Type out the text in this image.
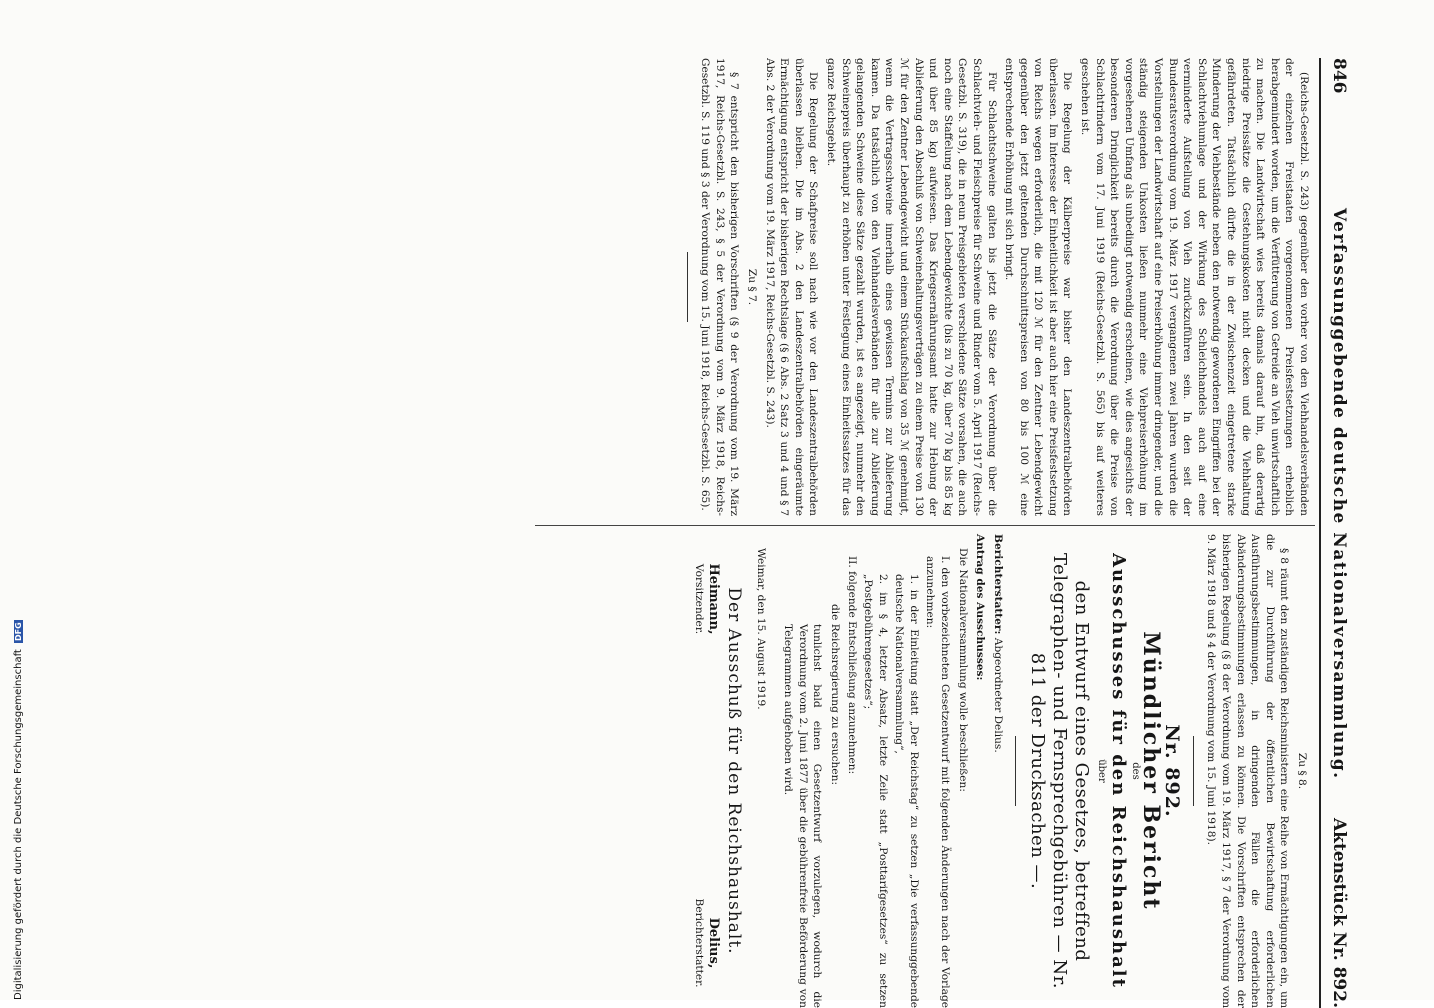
Digitalisierung gefördert durch die Deutsche Forschungsgemeinschaft DFG
846
Verfassunggebende deutsche Nationalversammlung.
Aktenstück Nr. 892.

(Reichs-Gesetzbl. S. 243) gegenüber den vorher von den Viehhandelsverbänden der einzelnen Freistaaten vorgenommenen Preisfestsetzungen erheblich herabgemindert worden, um die Verfütterung von Getreide an Vieh unwirtschaftlich zu machen. Die Landwirtschaft wies bereits damals darauf hin, daß derartig niedrige Preissätze die Gestehungskosten nicht decken und die Viehhaltung gefährdeten. Tatsächlich dürfte die in der Zwischenzeit eingetretene starke Minderung der Viehbestände neben den notwendig gewordenen Eingriffen bei der Schlachtviehumlage und der Wirkung des Schleichhandels auch auf eine verminderte Aufstellung von Vieh zurückzuführen sein. In den seit der Bundesratsverordnung vom 19. März 1917 vergangenen zwei Jahren wurden die Vorstellungen der Landwirtschaft auf eine Preiserhöhung immer dringender, und die ständig steigenden Unkosten ließen nunmehr eine Viehpreiserhöhung im vorgesehenen Umfang als unbedingt notwendig erscheinen, wie dies angesichts der besonderen Dringlichkeit bereits durch die Verordnung über die Preise von Schlachtrindern vom 17. Juni 1919 (Reichs-Gesetzbl. S. 565) bis auf weiteres geschehen ist.

Die Regelung der Kälberpreise war bisher den Landeszentralbehörden überlassen. Im Interesse der Einheitlichkeit ist aber auch hier eine Preisfestsetzung von Reichs wegen erforderlich, die mit 120 ℳ für den Zentner Lebendgewicht gegenüber den jetzt geltenden Durchschnittspreisen von 80 bis 100 ℳ eine entsprechende Erhöhung mit sich bringt.

Für Schlachtschweine galten bis jetzt die Sätze der Verordnung über die Schlachtvieh- und Fleischpreise für Schweine und Rinder vom 5. April 1917 (Reichs-Gesetzbl. S. 319), die in neun Preisgebieten verschiedene Sätze vorsahen, die auch noch eine Staffelung nach dem Lebendgewichte (bis zu 70 kg, über 70 kg bis 85 kg und über 85 kg) aufwiesen. Das Kriegsernährungsamt hatte zur Hebung der Ablieferung den Abschluß von Schweinehaltungsverträgen zu einem Preise von 130 ℳ für den Zentner Lebendgewicht und einem Stückaufschlag von 35 ℳ genehmigt, wenn die Vertragsschweine innerhalb eines gewissen Termins zur Ablieferung kamen. Da tatsächlich von den Viehhandelsverbänden für alle zur Ablieferung gelangenden Schweine diese Sätze gezahlt wurden, ist es angezeigt, nunmehr den Schweinepreis überhaupt zu erhöhen unter Festlegung eines Einheitssatzes für das ganze Reichsgebiet.

Die Regelung der Schafpreise soll nach wie vor den Landeszentralbehörden überlassen bleiben. Die im Abs. 2 den Landeszentralbehörden eingeräumte Ermächtigung entspricht der bisherigen Rechtslage (§ 6 Abs. 2 Satz 3 und 4 und § 7 Abs. 2 der Verordnung vom 19. März 1917, Reichs-Gesetzbl. S. 243).

Zu § 7.

§ 7 entspricht den bisherigen Vorschriften (§ 9 der Verordnung vom 19. März 1917, Reichs-Gesetzbl. S. 243, § 5 der Verordnung vom 9. März 1918, Reichs-Gesetzbl. S. 119 und § 3 der Verordnung vom 15. Juni 1918, Reichs-Gesetzbl. S. 65).

Zu § 8.

§ 8 räumt den zuständigen Reichsministern eine Reihe von Ermächtigungen ein, um die zur Durchführung der öffentlichen Bewirtschaftung erforderlichen Ausführungsbestimmungen, in dringenden Fällen die erforderlichen Abänderungsbestimmungen erlassen zu können. Die Vorschriften entsprechen der bisherigen Regelung (§ 8 der Verordnung vom 19. März 1917, § 7 der Verordnung vom 9. März 1918 und § 4 der Verordnung vom 15. Juni 1918).

Nr. 892.
Mündlicher Bericht
des
Ausschusses für den Reichshaushalt
über
den Entwurf eines Gesetzes, betreffend Telegraphen- und Fernsprechgebühren — Nr. 811 der Drucksachen —.

Berichterstatter: Abgeordneter Delius.

Antrag des Ausschusses:

Die Nationalversammlung wolle beschließen:

I. den vorbezeichneten Gesetzentwurf mit folgenden Änderungen nach der Vorlage anzunehmen:

1. in der Einleitung statt „Der Reichstag“ zu setzen „Die verfassunggebende deutsche Nationalversammlung“,

2. im § 4, letzter Absatz, letzte Zeile statt „Posttarifgesetzes“ zu setzen „Postgebührengesetzes“;

II. folgende Entschließung anzunehmen:

die Reichsregierung zu ersuchen:

tunlichst bald einen Gesetzentwurf vorzulegen, wodurch die Verordnung vom 2. Juni 1877 über die gebührenfreie Beförderung von Telegrammen aufgehoben wird.

Weimar, den 15. August 1919.

Der Ausschuß für den Reichshaushalt.
Heimann,
Vorsitzender.
Delius,
Berichterstatter.
